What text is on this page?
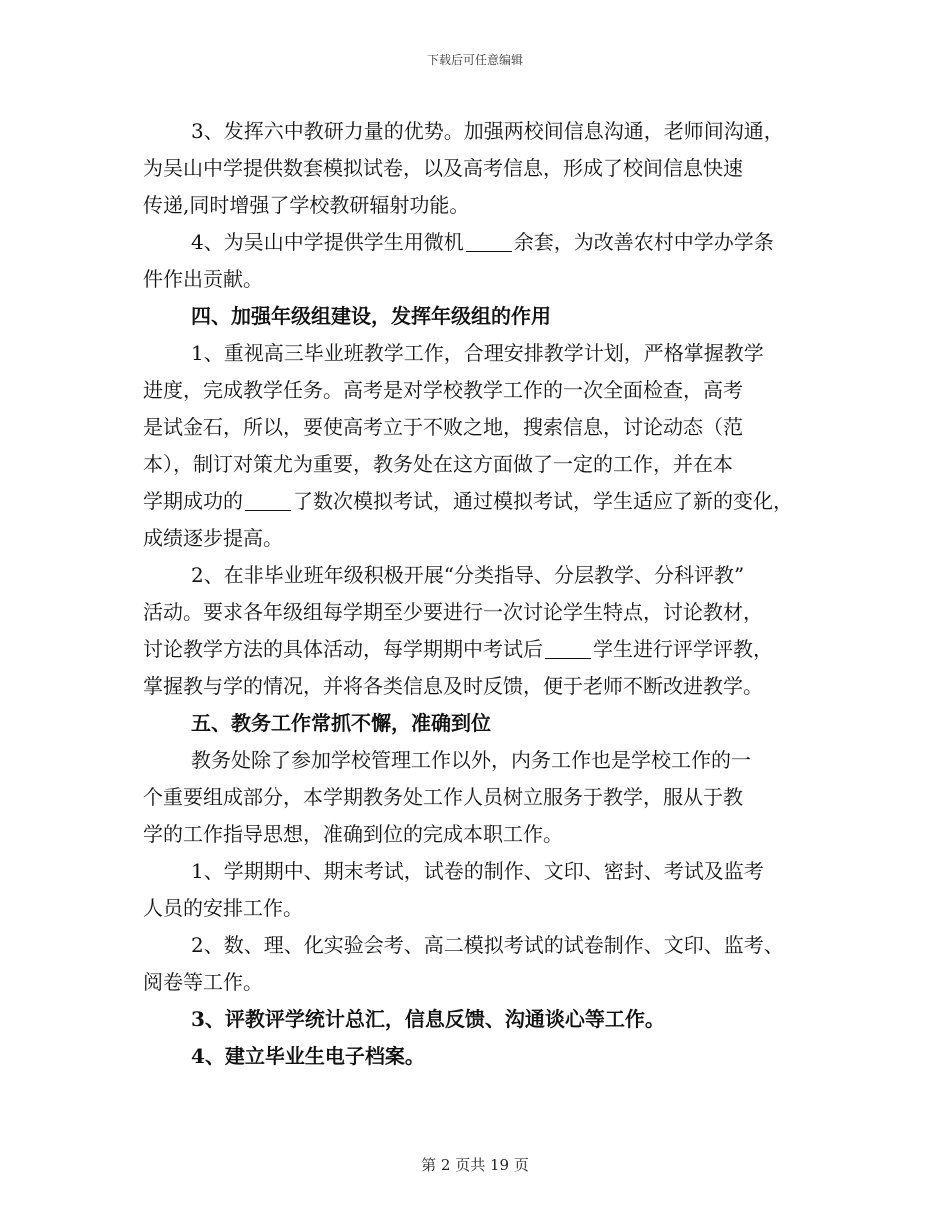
下载后可任意编辑
3、发挥六中教研力量的优势。加强两校间信息沟通，老师间沟通，
为吴山中学提供数套模拟试卷，以及高考信息，形成了校间信息快速
传递,同时增强了学校教研辐射功能。
4、为吴山中学提供学生用微机	余套，为改善农村中学办学条
件作出贡献。
四、加强年级组建设，发挥年级组的作用
1、重视高三毕业班教学工作，合理安排教学计划，严格掌握教学
进度，完成教学任务。高考是对学校教学工作的一次全面检查，高考
是试金石，所以，要使高考立于不败之地，搜索信息，讨论动态（范
本），制订对策尤为重要，教务处在这方面做了一定的工作，并在本
学期成功的	了数次模拟考试，通过模拟考试，学生适应了新的变化，
成绩逐步提高。
2、在非毕业班年级积极开展“分类指导、分层教学、分科评教”
活动。要求各年级组每学期至少要进行一次讨论学生特点，讨论教材，
讨论教学方法的具体活动，每学期期中考试后	学生进行评学评教，
掌握教与学的情况，并将各类信息及时反馈，便于老师不断改进教学。
五、教务工作常抓不懈，准确到位
教务处除了参加学校管理工作以外，内务工作也是学校工作的一
个重要组成部分，本学期教务处工作人员树立服务于教学，服从于教
学的工作指导思想，准确到位的完成本职工作。
1、学期期中、期末考试，试卷的制作、文印、密封、考试及监考
人员的安排工作。
2、数、理、化实验会考、高二模拟考试的试卷制作、文印、监考、
阅卷等工作。
3、评教评学统计总汇，信息反馈、沟通谈心等工作。
4、建立毕业生电子档案。
第 2 页共 19 页
